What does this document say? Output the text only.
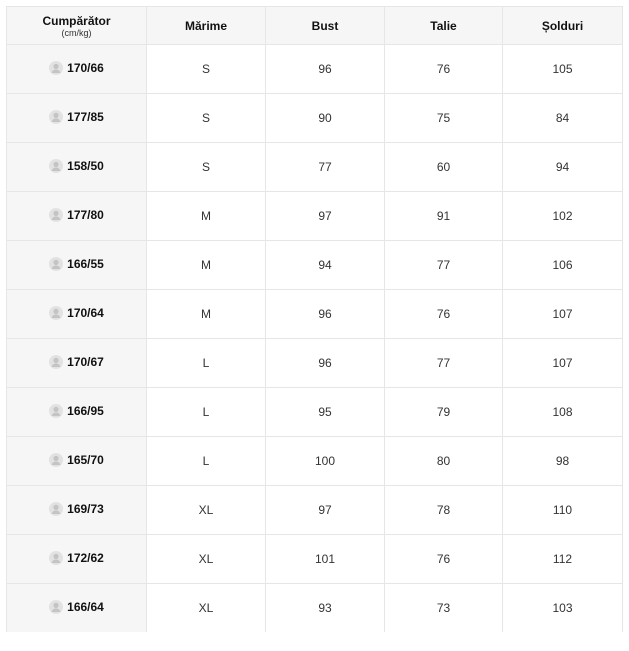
Cumpărător
(cm/kg)	Mărime	Bust	Talie	Șolduri

170/66	S	96	76	105

177/85	S	90	75	84

158/50	S	77	60	94

177/80	M	97	91	102

166/55	M	94	77	106

170/64	M	96	76	107

170/67	L	96	77	107

166/95	L	95	79	108

165/70	L	100	80	98

169/73	XL	97	78	110

172/62	XL	101	76	112

166/64	XL	93	73	103
